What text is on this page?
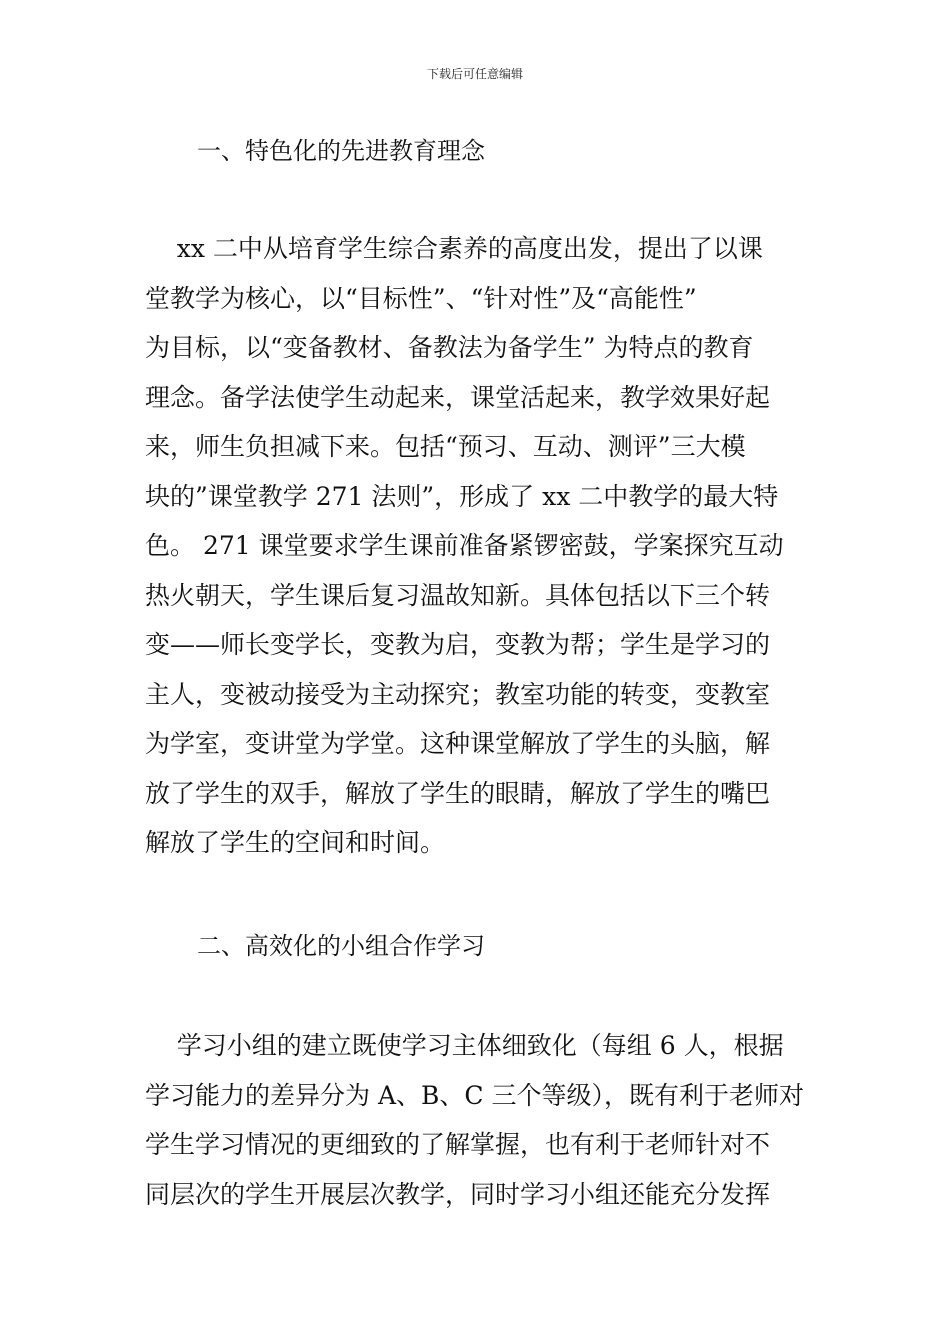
下载后可任意编辑
一、特色化的先进教育理念
xx 二中从培育学生综合素养的高度出发，提出了以课
堂教学为核心，以“目标性”、“针对性”及“高能性”
为目标，以“变备教材、备教法为备学生” 为特点的教育
理念。备学法使学生动起来，课堂活起来，教学效果好起
来，师生负担减下来。包括“预习、互动、测评”三大模
块的”课堂教学 271 法则”，形成了 xx 二中教学的最大特
色。 271 课堂要求学生课前准备紧锣密鼓，学案探究互动
热火朝天，学生课后复习温故知新。具体包括以下三个转
变——师长变学长，变教为启，变教为帮；学生是学习的
主人，变被动接受为主动探究；教室功能的转变，变教室
为学室，变讲堂为学堂。这种课堂解放了学生的头脑，解
放了学生的双手，解放了学生的眼睛，解放了学生的嘴巴
解放了学生的空间和时间。
二、高效化的小组合作学习
学习小组的建立既使学习主体细致化（每组 6 人，根据
学习能力的差异分为 A、B、C 三个等级），既有利于老师对
学生学习情况的更细致的了解掌握，也有利于老师针对不
同层次的学生开展层次教学，同时学习小组还能充分发挥
